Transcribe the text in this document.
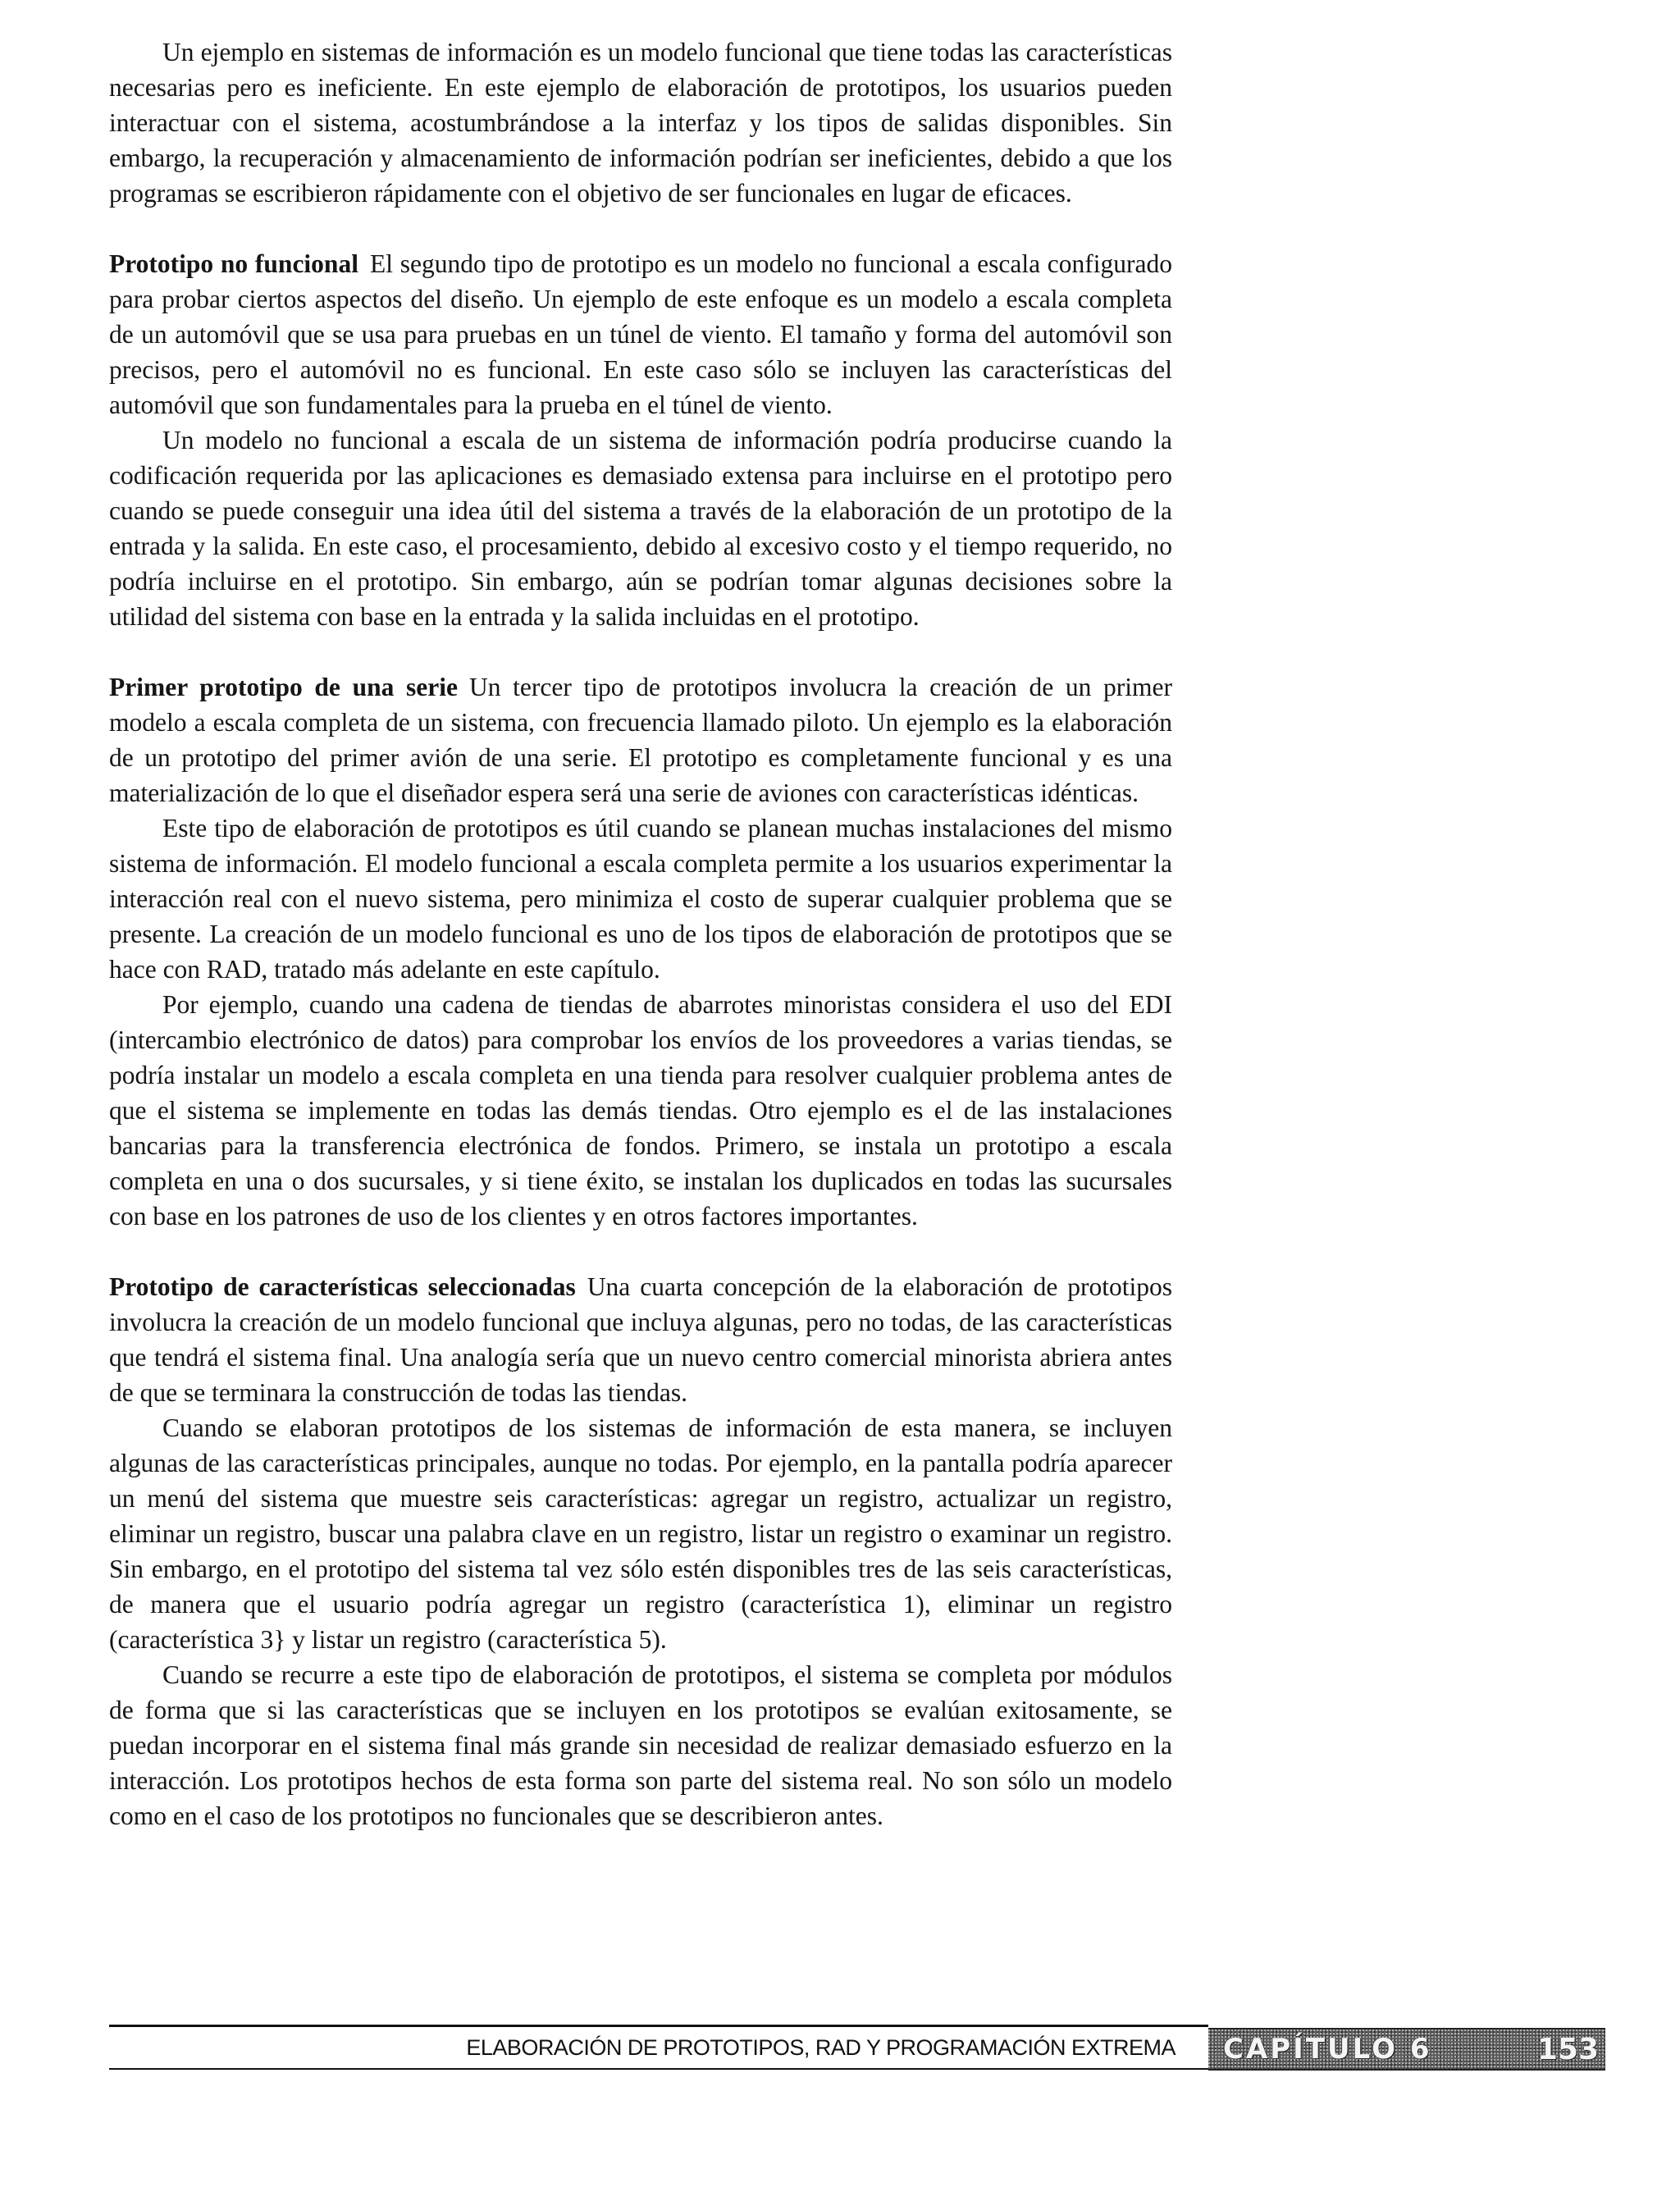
Un ejemplo en sistemas de información es un modelo funcional que tiene todas las características necesarias pero es ineficiente. En este ejemplo de elaboración de prototipos, los usuarios pueden interactuar con el sistema, acostumbrándose a la interfaz y los tipos de salidas disponibles. Sin embargo, la recuperación y almacenamiento de información podrían ser ineficientes, debido a que los programas se escribieron rápidamente con el objetivo de ser funcionales en lugar de eficaces.

Prototipo no funcional El segundo tipo de prototipo es un modelo no funcional a escala configurado para probar ciertos aspectos del diseño. Un ejemplo de este enfoque es un modelo a escala completa de un automóvil que se usa para pruebas en un túnel de viento. El tamaño y forma del automóvil son precisos, pero el automóvil no es funcional. En este caso sólo se incluyen las características del automóvil que son fundamentales para la prueba en el túnel de viento.

Un modelo no funcional a escala de un sistema de información podría producirse cuando la codificación requerida por las aplicaciones es demasiado extensa para incluirse en el prototipo pero cuando se puede conseguir una idea útil del sistema a través de la elaboración de un prototipo de la entrada y la salida. En este caso, el procesamiento, debido al excesivo costo y el tiempo requerido, no podría incluirse en el prototipo. Sin embargo, aún se podrían tomar algunas decisiones sobre la utilidad del sistema con base en la entrada y la salida incluidas en el prototipo.

Primer prototipo de una serie Un tercer tipo de prototipos involucra la creación de un primer modelo a escala completa de un sistema, con frecuencia llamado piloto. Un ejemplo es la elaboración de un prototipo del primer avión de una serie. El prototipo es completamente funcional y es una materialización de lo que el diseñador espera será una serie de aviones con características idénticas.

Este tipo de elaboración de prototipos es útil cuando se planean muchas instalaciones del mismo sistema de información. El modelo funcional a escala completa permite a los usuarios experimentar la interacción real con el nuevo sistema, pero minimiza el costo de superar cualquier problema que se presente. La creación de un modelo funcional es uno de los tipos de elaboración de prototipos que se hace con RAD, tratado más adelante en este capítulo.

Por ejemplo, cuando una cadena de tiendas de abarrotes minoristas considera el uso del EDI (intercambio electrónico de datos) para comprobar los envíos de los proveedores a varias tiendas, se podría instalar un modelo a escala completa en una tienda para resolver cualquier problema antes de que el sistema se implemente en todas las demás tiendas. Otro ejemplo es el de las instalaciones bancarias para la transferencia electrónica de fondos. Primero, se instala un prototipo a escala completa en una o dos sucursales, y si tiene éxito, se instalan los duplicados en todas las sucursales con base en los patrones de uso de los clientes y en otros factores importantes.

Prototipo de características seleccionadas Una cuarta concepción de la elaboración de prototipos involucra la creación de un modelo funcional que incluya algunas, pero no todas, de las características que tendrá el sistema final. Una analogía sería que un nuevo centro comercial minorista abriera antes de que se terminara la construcción de todas las tiendas.

Cuando se elaboran prototipos de los sistemas de información de esta manera, se incluyen algunas de las características principales, aunque no todas. Por ejemplo, en la pantalla podría aparecer un menú del sistema que muestre seis características: agregar un registro, actualizar un registro, eliminar un registro, buscar una palabra clave en un registro, listar un registro o examinar un registro. Sin embargo, en el prototipo del sistema tal vez sólo estén disponibles tres de las seis características, de manera que el usuario podría agregar un registro (característica 1), eliminar un registro (característica 3} y listar un registro (característica 5).

Cuando se recurre a este tipo de elaboración de prototipos, el sistema se completa por módulos de forma que si las características que se incluyen en los prototipos se evalúan exitosamente, se puedan incorporar en el sistema final más grande sin necesidad de realizar demasiado esfuerzo en la interacción. Los prototipos hechos de esta forma son parte del sistema real. No son sólo un modelo como en el caso de los prototipos no funcionales que se describieron antes.

ELABORACIÓN DE PROTOTIPOS, RAD Y PROGRAMACIÓN EXTREMA CAPÍTULO 6	153
